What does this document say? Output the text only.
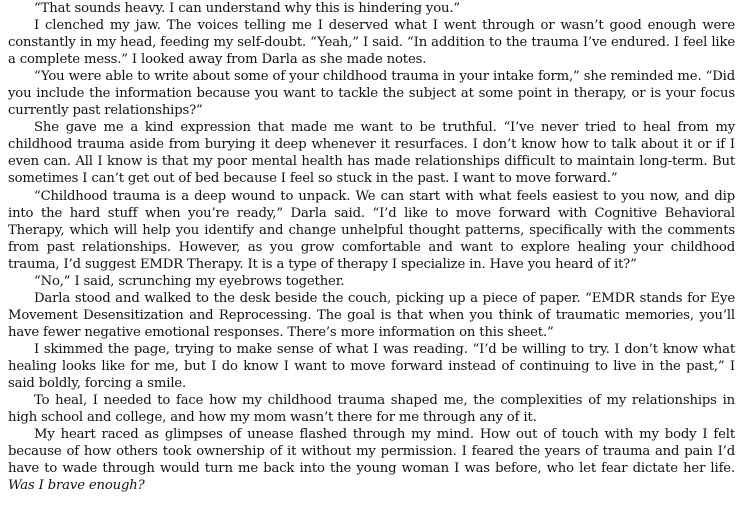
“That sounds heavy. I can understand why this is hindering you.”

I clenched my jaw. The voices telling me I deserved what I went through or wasn’t good enough were constantly in my head, feeding my self-doubt. “Yeah,” I said. “In addition to the trauma I’ve endured. I feel like a complete mess.” I looked away from Darla as she made notes.

“You were able to write about some of your childhood trauma in your intake form,” she reminded me. “Did you include the information because you want to tackle the subject at some point in therapy, or is your focus currently past relationships?”

She gave me a kind expression that made me want to be truthful. “I’ve never tried to heal from my childhood trauma aside from burying it deep whenever it resurfaces. I don’t know how to talk about it or if I even can. All I know is that my poor mental health has made relationships difficult to maintain long-term. But sometimes I can’t get out of bed because I feel so stuck in the past. I want to move forward.”

“Childhood trauma is a deep wound to unpack. We can start with what feels easiest to you now, and dip into the hard stuff when you’re ready,” Darla said. “I’d like to move forward with Cognitive Behavioral Therapy, which will help you identify and change unhelpful thought patterns, specifically with the comments from past relationships. However, as you grow comfortable and want to explore healing your childhood trauma, I’d suggest EMDR Therapy. It is a type of therapy I specialize in. Have you heard of it?”

“No,” I said, scrunching my eyebrows together.

Darla stood and walked to the desk beside the couch, picking up a piece of paper. “EMDR stands for Eye Movement Desensitization and Reprocessing. The goal is that when you think of traumatic memories, you’ll have fewer negative emotional responses. There’s more information on this sheet.”

I skimmed the page, trying to make sense of what I was reading. “I’d be willing to try. I don’t know what healing looks like for me, but I do know I want to move forward instead of continuing to live in the past,” I said boldly, forcing a smile.

To heal, I needed to face how my childhood trauma shaped me, the complexities of my relationships in high school and college, and how my mom wasn’t there for me through any of it.

My heart raced as glimpses of unease flashed through my mind. How out of touch with my body I felt because of how others took ownership of it without my permission. I feared the years of trauma and pain I’d have to wade through would turn me back into the young woman I was before, who let fear dictate her life. Was I brave enough?
